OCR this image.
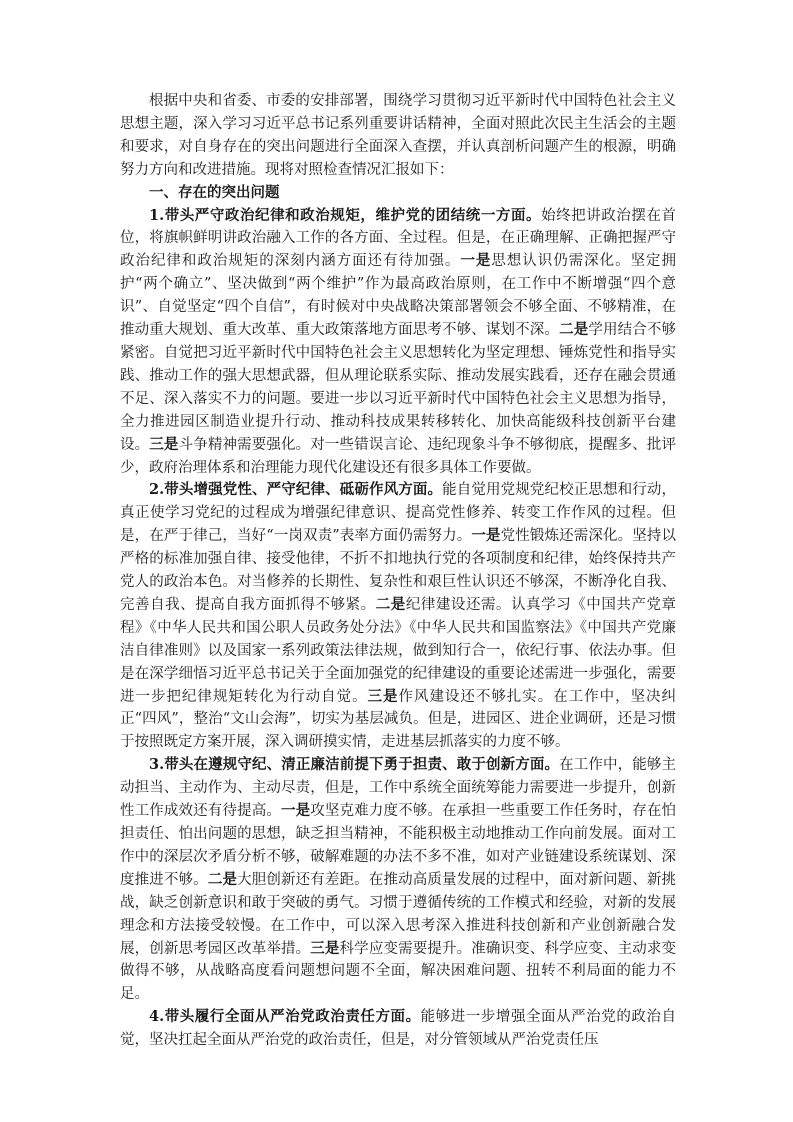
根据中央和省委、市委的安排部署，围绕学习贯彻习近平新时代中国特色社会主义思想主题，深入学习习近平总书记系列重要讲话精神，全面对照此次民主生活会的主题和要求，对自身存在的突出问题进行全面深入查摆，并认真剖析问题产生的根源，明确努力方向和改进措施。现将对照检查情况汇报如下：

一、存在的突出问题

1.带头严守政治纪律和政治规矩，维护党的团结统一方面。始终把讲政治摆在首位，将旗帜鲜明讲政治融入工作的各方面、全过程。但是，在正确理解、正确把握严守政治纪律和政治规矩的深刻内涵方面还有待加强。一是思想认识仍需深化。坚定拥护“两个确立”、坚决做到“两个维护”作为最高政治原则，在工作中不断增强“四个意识”、自觉坚定“四个自信”，有时候对中央战略决策部署领会不够全面、不够精准，在推动重大规划、重大改革、重大政策落地方面思考不够、谋划不深。二是学用结合不够紧密。自觉把习近平新时代中国特色社会主义思想转化为坚定理想、锤炼党性和指导实践、推动工作的强大思想武器，但从理论联系实际、推动发展实践看，还存在融会贯通不足、深入落实不力的问题。要进一步以习近平新时代中国特色社会主义思想为指导，全力推进园区制造业提升行动、推动科技成果转移转化、加快高能级科技创新平台建设。三是斗争精神需要强化。对一些错误言论、违纪现象斗争不够彻底，提醒多、批评少，政府治理体系和治理能力现代化建设还有很多具体工作要做。

2.带头增强党性、严守纪律、砥砺作风方面。能自觉用党规党纪校正思想和行动，真正使学习党纪的过程成为增强纪律意识、提高党性修养、转变工作作风的过程。但是，在严于律己，当好“一岗双责”表率方面仍需努力。一是党性锻炼还需深化。坚持以严格的标准加强自律、接受他律，不折不扣地执行党的各项制度和纪律，始终保持共产党人的政治本色。对当修养的长期性、复杂性和艰巨性认识还不够深，不断净化自我、完善自我、提高自我方面抓得不够紧。二是纪律建设还需。认真学习《中国共产党章程》《中华人民共和国公职人员政务处分法》《中华人民共和国监察法》《中国共产党廉洁自律准则》以及国家一系列政策法律法规，做到知行合一，依纪行事、依法办事。但是在深学细悟习近平总书记关于全面加强党的纪律建设的重要论述需进一步强化，需要进一步把纪律规矩转化为行动自觉。三是作风建设还不够扎实。在工作中，坚决纠正“四风”，整治“文山会海”，切实为基层减负。但是，进园区、进企业调研，还是习惯于按照既定方案开展，深入调研摸实情，走进基层抓落实的力度不够。

3.带头在遵规守纪、清正廉洁前提下勇于担责、敢于创新方面。在工作中，能够主动担当、主动作为、主动尽责，但是，工作中系统全面统筹能力需要进一步提升，创新性工作成效还有待提高。一是攻坚克难力度不够。在承担一些重要工作任务时，存在怕担责任、怕出问题的思想，缺乏担当精神，不能积极主动地推动工作向前发展。面对工作中的深层次矛盾分析不够，破解难题的办法不多不准，如对产业链建设系统谋划、深度推进不够。二是大胆创新还有差距。在推动高质量发展的过程中，面对新问题、新挑战，缺乏创新意识和敢于突破的勇气。习惯于遵循传统的工作模式和经验，对新的发展理念和方法接受较慢。在工作中，可以深入思考深入推进科技创新和产业创新融合发展，创新思考园区改革举措。三是科学应变需要提升。准确识变、科学应变、主动求变做得不够，从战略高度看问题想问题不全面，解决困难问题、扭转不利局面的能力不足。

4.带头履行全面从严治党政治责任方面。能够进一步增强全面从严治党的政治自觉，坚决扛起全面从严治党的政治责任，但是，对分管领域从严治党责任压
